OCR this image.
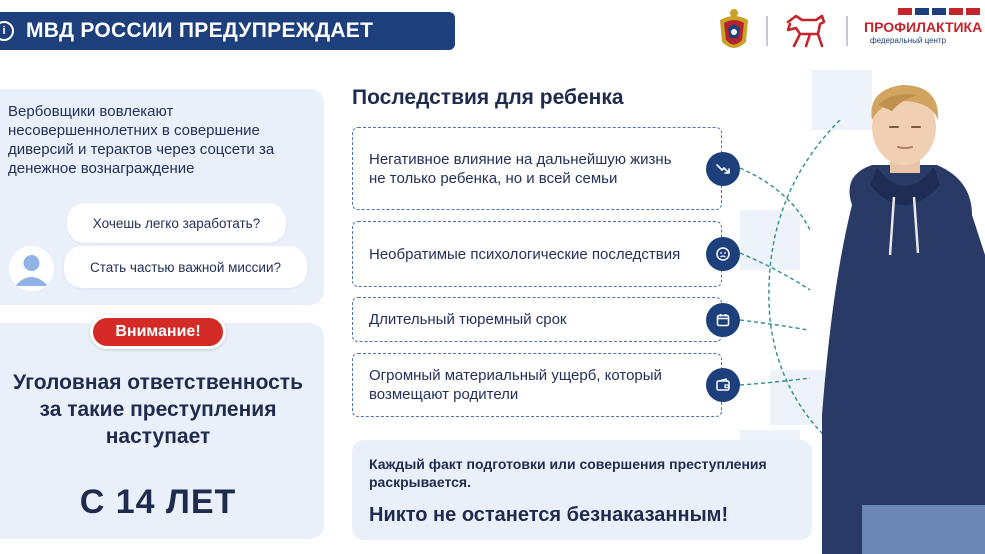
i МВД РОССИИ ПРЕДУПРЕЖДАЕТ	ПРОФИЛАКТИКА
федеральный центр
Вербовщики вовлекают несовершеннолетних в совершение диверсий и терактов через соцсети за денежное вознаграждение
Хочешь легко заработать?
Стать частью важной миссии?
Внимание!
Уголовная ответственность за такие преступления наступает
С 14 ЛЕТ
Последствия для ребенка
Негативное влияние на дальнейшую жизнь не только ребенка, но и всей семьи
Необратимые психологические последствия
Длительный тюремный срок
Огромный материальный ущерб, который возмещают родители
Каждый факт подготовки или совершения преступления раскрывается.
Никто не останется безнаказанным!
